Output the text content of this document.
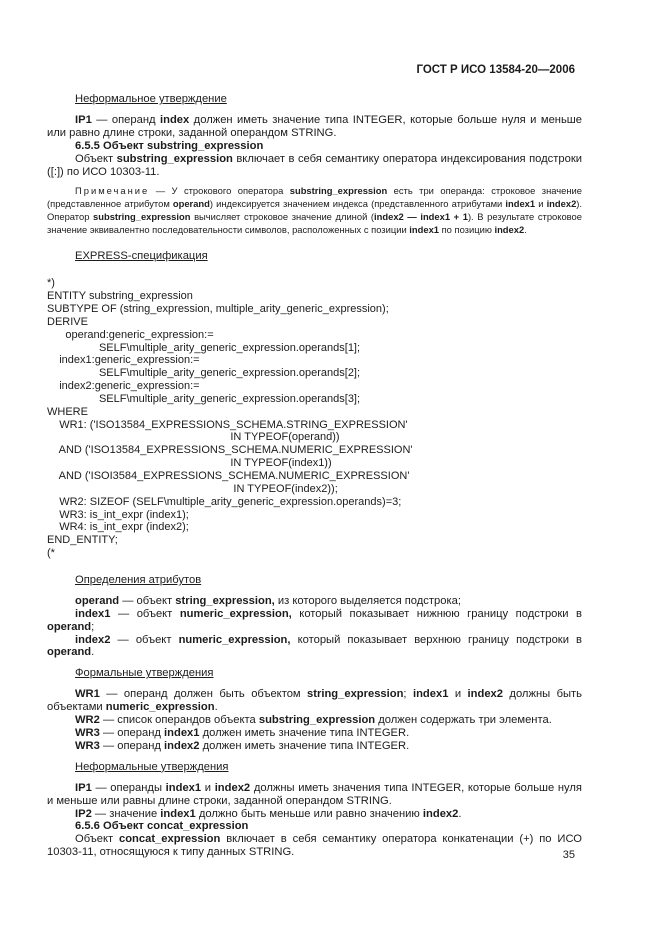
ГОСТ Р ИСО 13584-20—2006

Неформальное утверждение

IP1 — операнд index должен иметь значение типа INTEGER, которые больше нуля и меньше или равно длине строки, заданной операндом STRING.

6.5.5 Объект substring_expression

Объект substring_expression включает в себя семантику оператора индексирования подстроки ([:]) по ИСО 10303-11.

Примечание — У строкового оператора substring_expression есть три операнда: строковое значение (представленное атрибутом operand) индексируется значением индекса (представленного атрибутами index1 и index2). Оператор substring_expression вычисляет строковое значение длиной (index2 — index1 + 1). В результате строковое значение эквивалентно последовательности символов, расположенных с позиции index1 по позицию index2.

EXPRESS-спецификация

*)
ENTITY substring_expression
SUBTYPE OF (string_expression, multiple_arity_generic_expression);
DERIVE
operand:generic_expression:=
SELF\multiple_arity_generic_expression.operands[1];
index1:generic_expression:=
SELF\multiple_arity_generic_expression.operands[2];
index2:generic_expression:=
SELF\multiple_arity_generic_expression.operands[3];
WHERE
WR1: ('ISO13584_EXPRESSIONS_SCHEMA.STRING_EXPRESSION'
IN TYPEOF(operand))
AND ('ISO13584_EXPRESSIONS_SCHEMA.NUMERIC_EXPRESSION'
IN TYPEOF(index1))
AND ('ISOI3584_EXPRESSIONS_SCHEMA.NUMERIC_EXPRESSION'
IN TYPEOF(index2));
WR2: SIZEOF (SELF\multiple_arity_generic_expression.operands)=3;
WR3: is_int_expr (index1);
WR4: is_int_expr (index2);
END_ENTITY;
(*

Определения атрибутов

operand — объект string_expression, из которого выделяется подстрока;

index1 — объект numeric_expression, который показывает нижнюю границу подстроки в operand;

index2 — объект numeric_expression, который показывает верхнюю границу подстроки в operand.

Формальные утверждения

WR1 — операнд должен быть объектом string_expression; index1 и index2 должны быть объектами numeric_expression.

WR2 — список операндов объекта substring_expression должен содержать три элемента.

WR3 — операнд index1 должен иметь значение типа INTEGER.

WR3 — операнд index2 должен иметь значение типа INTEGER.

Неформальные утверждения

IP1 — операнды index1 и index2 должны иметь значения типа INTEGER, которые больше нуля и меньше или равны длине строки, заданной операндом STRING.

IP2 — значение index1 должно быть меньше или равно значению index2.

6.5.6 Объект concat_expression

Объект concat_expression включает в себя семантику оператора конкатенации (+) по ИСО 10303-11, относящуюся к типу данных STRING.	35
